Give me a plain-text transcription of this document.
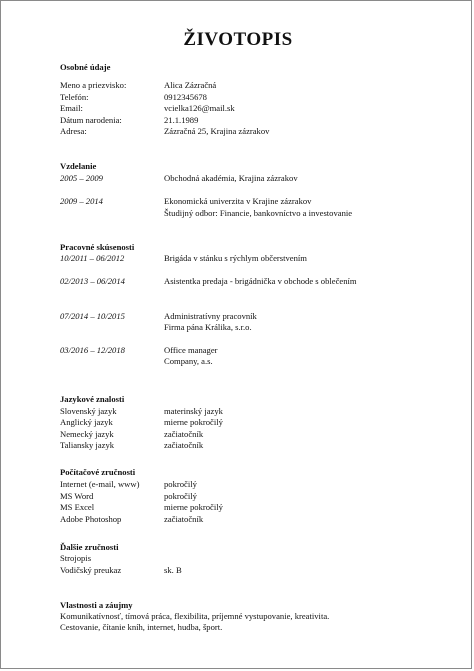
ŽIVOTOPIS
Osobné údaje
Meno a priezvisko:	Alica Zázračná
Telefón:	0912345678
Email:	vcielka126@mail.sk
Dátum narodenia:	21.1.1989
Adresa:	Zázračná 25, Krajina zázrakov
Vzdelanie
2005 – 2009	Obchodná akadémia, Krajina zázrakov
2009 – 2014	Ekonomická univerzita v Krajine zázrakov
Študijný odbor: Financie, bankovníctvo a investovanie
Pracovné skúsenosti
10/2011 – 06/2012	Brigáda v stánku s rýchlym občerstvením
02/2013 – 06/2014	Asistentka predaja - brigádnička v obchode s oblečením
07/2014 – 10/2015	Administratívny pracovník
Firma pána Králika, s.r.o.
03/2016 – 12/2018	Office manager
Company, a.s.
Jazykové znalosti
Slovenský jazyk	materinský jazyk
Anglický jazyk	mierne pokročilý
Nemecký jazyk	začiatočník
Taliansky jazyk	začiatočník
Počítačové zručnosti
Internet (e-mail, www)	pokročilý
MS Word	pokročilý
MS Excel	mierne pokročilý
Adobe Photoshop	začiatočník
Ďalšie zručnosti
Strojopis
Vodičský preukaz	sk. B
Vlastnosti a záujmy
Komunikatívnosť, tímová práca, flexibilita, príjemné vystupovanie, kreativita.
Cestovanie, čítanie kníh, internet, hudba, šport.
